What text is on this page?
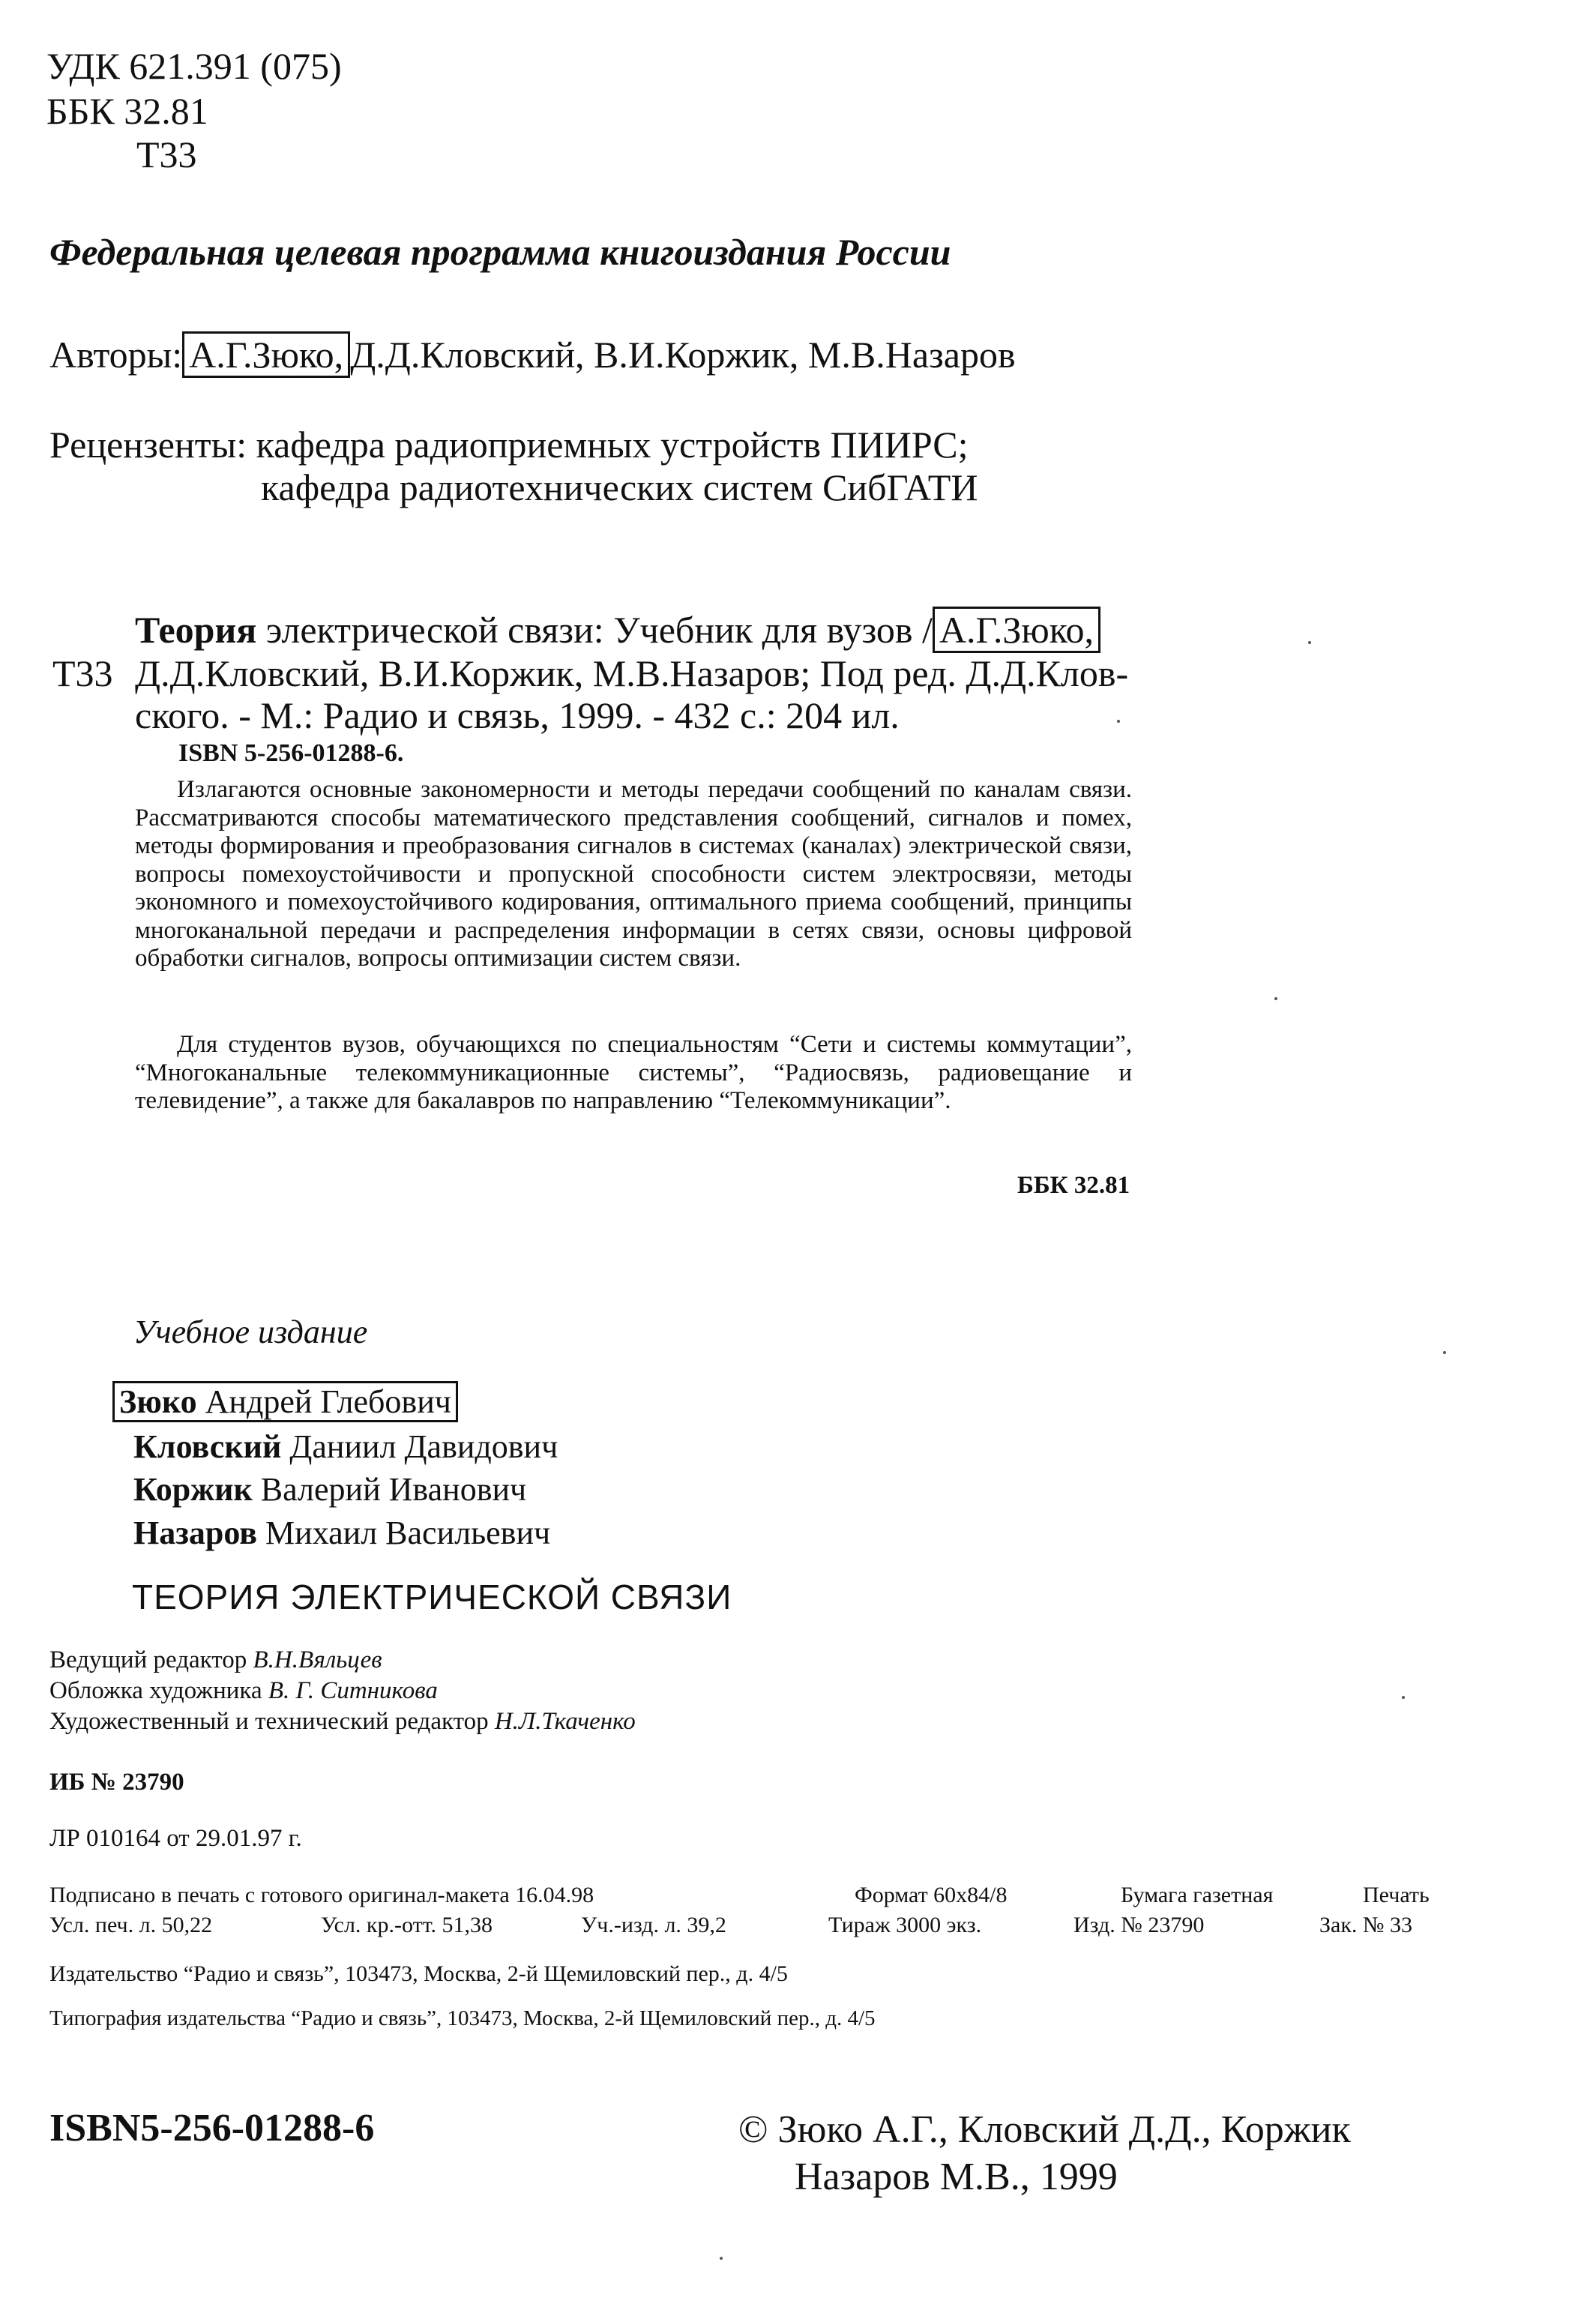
УДК 621.391 (075)
ББК 32.81
Т33
Федеральная целевая программа книгоиздания России
Авторы: А.Г.Зюко, Д.Д.Кловский, В.И.Коржик, М.В.Назаров
Рецензенты: кафедра радиоприемных устройств ПИИРС;
кафедра радиотехнических систем СибГАТИ
Теория электрической связи: Учебник для вузов / А.Г.Зюко,
Т33 Д.Д.Кловский, В.И.Коржик, М.В.Назаров; Под ред. Д.Д.Клов-
ского. - М.: Радио и связь, 1999. - 432 с.: 204 ил.
ISBN 5-256-01288-6.
Излагаются основные закономерности и методы передачи сообщений по каналам связи. Рассматриваются способы математического представления сообщений, сигналов и помех, методы формирования и преобразования сигналов в системах (каналах) электрической связи, вопросы помехоустойчивости и пропускной способности систем электросвязи, методы экономного и помехоустойчивого кодирования, оптимального приема сообщений, принципы многоканальной передачи и распределения информации в сетях связи, основы цифровой обработки сигналов, вопросы оптимизации систем связи.
Для студентов вузов, обучающихся по специальностям “Сети и системы коммутации”, “Многоканальные телекоммуникационные системы”, “Радиосвязь, радиовещание и телевидение”, а также для бакалавров по направлению “Телекоммуникации”.
ББК 32.81
Учебное издание
Зюко Андрей Глебович
Кловский Даниил Давидович
Коржик Валерий Иванович
Назаров Михаил Васильевич
ТЕОРИЯ ЭЛЕКТРИЧЕСКОЙ СВЯЗИ
Ведущий редактор В.Н.Вяльцев
Обложка художника В. Г. Ситникова
Художественный и технический редактор Н.Л.Ткаченко
ИБ № 23790
ЛР 010164 от 29.01.97 г.
Подписано в печать с готового оригинал-макета 16.04.98	Формат 60х84/8	Бумага газетная	Печать
Усл. печ. л. 50,22	Усл. кр.-отт. 51,38	Уч.-изд. л. 39,2	Тираж 3000 экз.	Изд. № 23790	Зак. № 33
Издательство “Радио и связь”, 103473, Москва, 2-й Щемиловский пер., д. 4/5
Типография издательства “Радио и связь”, 103473, Москва, 2-й Щемиловский пер., д. 4/5
ISBN5-256-01288-6	© Зюко А.Г., Кловский Д.Д., Коржик
Назаров М.В., 1999
